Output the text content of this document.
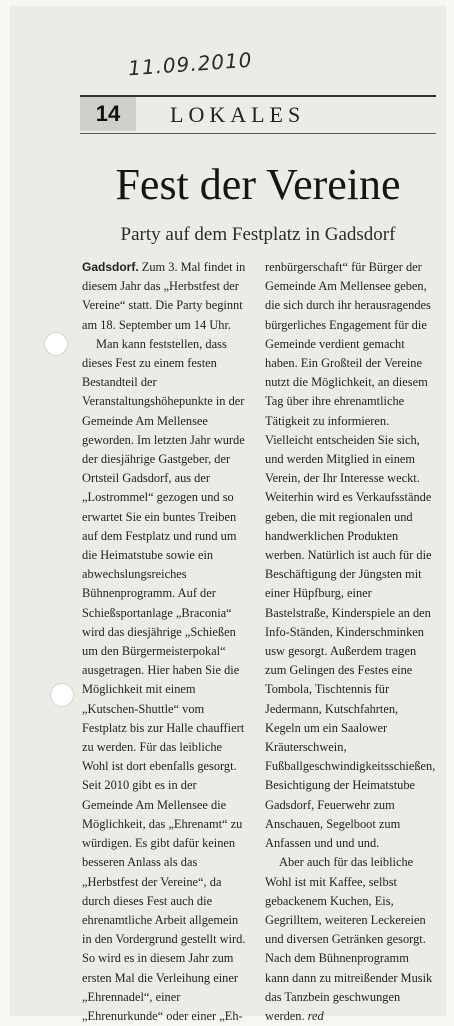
11.09.2010
14	LOKALES
Fest der Vereine
Party auf dem Festplatz in Gadsdorf

Gadsdorf. Zum 3. Mal findet in diesem Jahr das „Herbstfest der Vereine“ statt. Die Party beginnt am 18. September um 14 Uhr.

Man kann feststellen, dass dieses Fest zu einem festen Bestandteil der Veranstaltungshöhepunkte in der Gemeinde Am Mellensee geworden. Im letzten Jahr wurde der diesjährige Gastgeber, der Ortsteil Gadsdorf, aus der „Lostrommel“ gezogen und so erwartet Sie ein buntes Treiben auf dem Festplatz und rund um die Heimatstube sowie ein abwechslungsreiches Bühnenprogramm. Auf der Schießsportanlage „Braconia“ wird das diesjährige „Schießen um den Bürgermeisterpokal“ ausgetragen. Hier haben Sie die Möglichkeit mit einem „Kutschen-Shuttle“ vom Festplatz bis zur Halle chauffiert zu werden. Für das leibliche Wohl ist dort ebenfalls gesorgt. Seit 2010 gibt es in der Gemeinde Am Mellensee die Möglichkeit, das „Ehrenamt“ zu würdigen. Es gibt dafür keinen besseren Anlass als das „Herbstfest der Vereine“, da durch dieses Fest auch die ehrenamtliche Arbeit allgemein in den Vordergrund gestellt wird. So wird es in diesem Jahr zum ersten Mal die Verleihung einer „Ehrennadel“, einer „Ehrenurkunde“ oder einer „Eh-

renbürgerschaft“ für Bürger der Gemeinde Am Mellensee geben, die sich durch ihr herausragendes bürgerliches Engagement für die Gemeinde verdient gemacht haben. Ein Großteil der Vereine nutzt die Möglichkeit, an diesem Tag über ihre ehrenamtliche Tätigkeit zu informieren. Vielleicht entscheiden Sie sich, und werden Mitglied in einem Verein, der Ihr Interesse weckt. Weiterhin wird es Verkaufsstände geben, die mit regionalen und handwerklichen Produkten werben. Natürlich ist auch für die Beschäftigung der Jüngsten mit einer Hüpfburg, einer Bastelstraße, Kinderspiele an den Info-Ständen, Kinderschminken usw gesorgt. Außerdem tragen zum Gelingen des Festes eine Tombola, Tischtennis für Jedermann, Kutschfahrten, Kegeln um ein Saalower Kräuterschwein, Fußballgeschwindigkeitsschießen, Besichtigung der Heimatstube Gadsdorf, Feuerwehr zum Anschauen, Segelboot zum Anfassen und und und.

Aber auch für das leibliche Wohl ist mit Kaffee, selbst gebackenem Kuchen, Eis, Gegrilltem, weiteren Leckereien und diversen Getränken gesorgt. Nach dem Bühnenprogramm kann dann zu mitreißender Musik das Tanzbein geschwungen werden. red
